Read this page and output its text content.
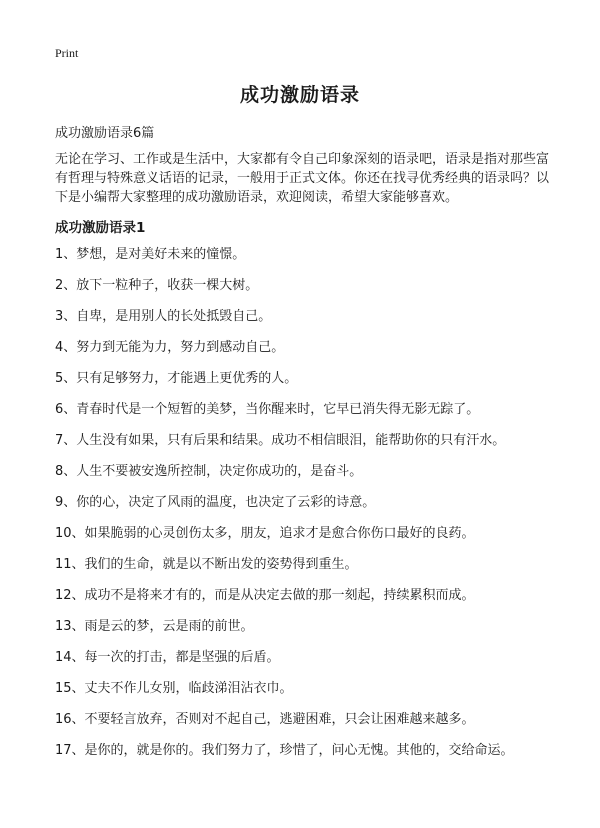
Print
成功激励语录
成功激励语录6篇
无论在学习、工作或是生活中，大家都有令自己印象深刻的语录吧，语录是指对那些富有哲理与特殊意义话语的记录，一般用于正式文体。你还在找寻优秀经典的语录吗？以下是小编帮大家整理的成功激励语录，欢迎阅读，希望大家能够喜欢。
成功激励语录1
1、梦想，是对美好未来的憧憬。
2、放下一粒种子，收获一棵大树。
3、自卑，是用别人的长处抵毁自己。
4、努力到无能为力，努力到感动自己。
5、只有足够努力，才能遇上更优秀的人。
6、青春时代是一个短暂的美梦，当你醒来时，它早已消失得无影无踪了。
7、人生没有如果，只有后果和结果。成功不相信眼泪，能帮助你的只有汗水。
8、人生不要被安逸所控制，决定你成功的，是奋斗。
9、你的心，决定了风雨的温度，也决定了云彩的诗意。
10、如果脆弱的心灵创伤太多，朋友，追求才是愈合你伤口最好的良药。
11、我们的生命，就是以不断出发的姿势得到重生。
12、成功不是将来才有的，而是从决定去做的那一刻起，持续累积而成。
13、雨是云的梦，云是雨的前世。
14、每一次的打击，都是坚强的后盾。
15、丈夫不作儿女别，临歧涕泪沾衣巾。
16、不要轻言放弃，否则对不起自己，逃避困难，只会让困难越来越多。
17、是你的，就是你的。我们努力了，珍惜了，问心无愧。其他的，交给命运。
